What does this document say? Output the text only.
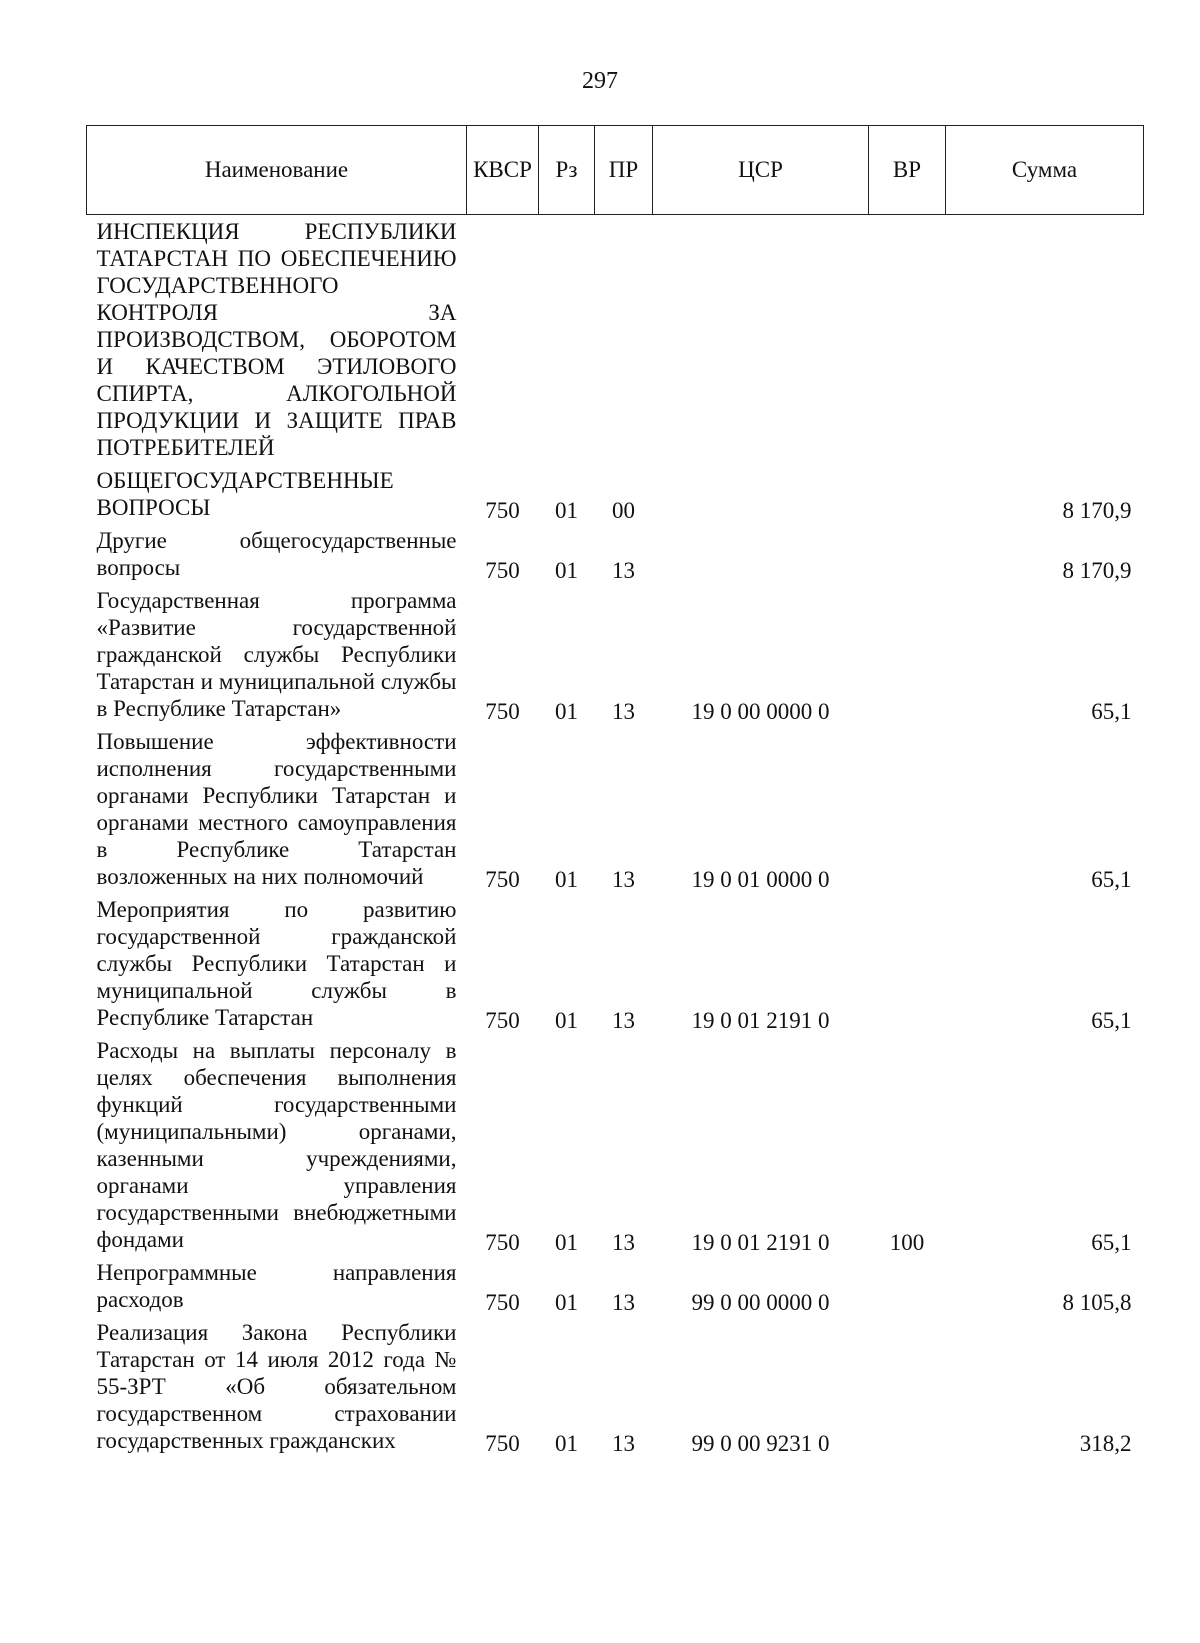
297
Наименование	КВСР	Рз	ПР	ЦСР	ВР	Сумма
ИНСПЕКЦИЯ РЕСПУБЛИКИ ТАТАРСТАН ПО ОБЕСПЕЧЕНИЮ ГОСУДАРСТВЕННОГО КОНТРОЛЯ ЗА ПРОИЗВОДСТВОМ, ОБОРОТОМ И КАЧЕСТВОМ ЭТИЛОВОГО СПИРТА, АЛКОГОЛЬНОЙ ПРОДУКЦИИ И ЗАЩИТЕ ПРАВ ПОТРЕБИТЕЛЕЙ						
ОБЩЕГОСУДАРСТВЕННЫЕ ВОПРОСЫ	750	01	00			8 170,9
Другие общегосударственные вопросы	750	01	13			8 170,9
Государственная программа «Развитие государственной гражданской службы Республики Татарстан и муниципальной службы в Республике Татарстан»	750	01	13	19 0 00 0000 0		65,1
Повышение эффективности исполнения государственными органами Республики Татарстан и органами местного самоуправления в Республике Татарстан возложенных на них полномочий	750	01	13	19 0 01 0000 0		65,1
Мероприятия по развитию государственной гражданской службы Республики Татарстан и муниципальной службы в Республике Татарстан	750	01	13	19 0 01 2191 0		65,1
Расходы на выплаты персоналу в целях обеспечения выполнения функций государственными (муниципальными) органами, казенными учреждениями, органами управления государственными внебюджетными фондами	750	01	13	19 0 01 2191 0	100	65,1
Непрограммные направления расходов	750	01	13	99 0 00 0000 0		8 105,8
Реализация Закона Республики Татарстан от 14 июля 2012 года № 55-ЗРТ «Об обязательном государственном страховании государственных гражданских	750	01	13	99 0 00 9231 0		318,2
